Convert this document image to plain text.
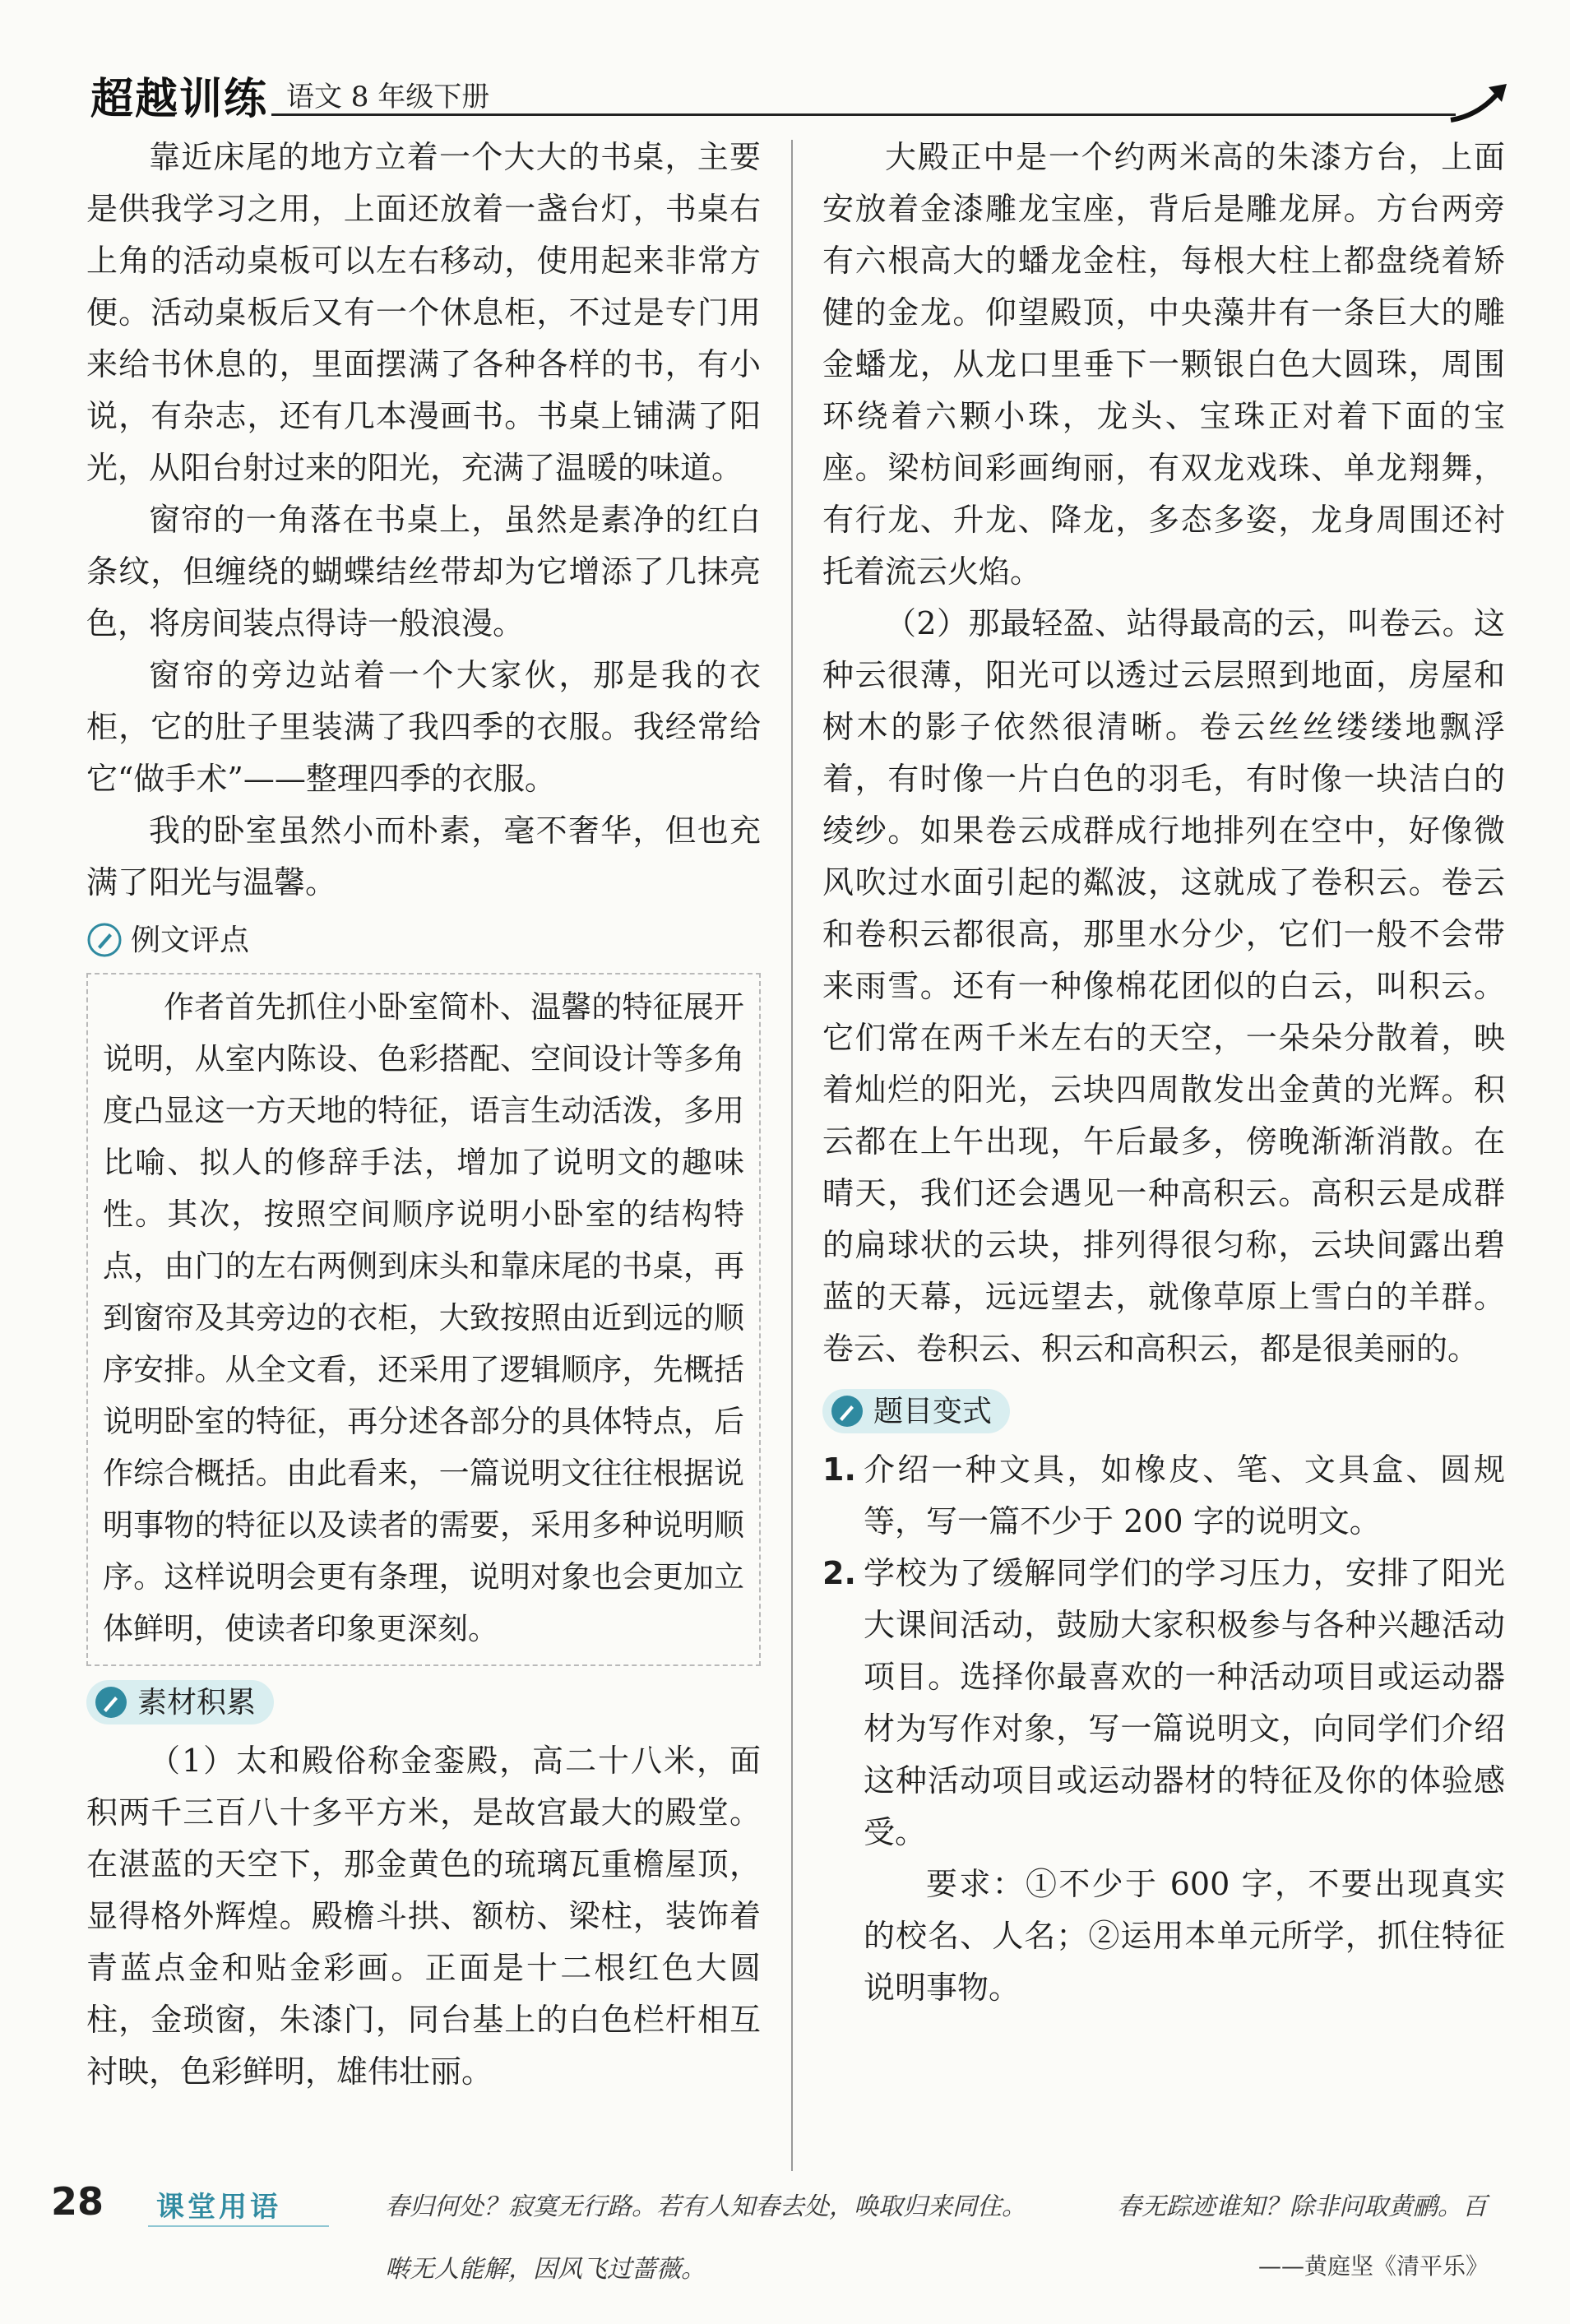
超越训练 语文 8 年级下册

靠近床尾的地方立着一个大大的书桌，主要是供我学习之用，上面还放着一盏台灯，书桌右上角的活动桌板可以左右移动，使用起来非常方便。活动桌板后又有一个休息柜，不过是专门用来给书休息的，里面摆满了各种各样的书，有小说，有杂志，还有几本漫画书。书桌上铺满了阳光，从阳台射过来的阳光，充满了温暖的味道。

窗帘的一角落在书桌上，虽然是素净的红白条纹，但缠绕的蝴蝶结丝带却为它增添了几抹亮色，将房间装点得诗一般浪漫。

窗帘的旁边站着一个大家伙，那是我的衣柜，它的肚子里装满了我四季的衣服。我经常给它“做手术”——整理四季的衣服。

我的卧室虽然小而朴素，毫不奢华，但也充满了阳光与温馨。

例文评点

作者首先抓住小卧室简朴、温馨的特征展开说明，从室内陈设、色彩搭配、空间设计等多角度凸显这一方天地的特征，语言生动活泼，多用比喻、拟人的修辞手法，增加了说明文的趣味性。其次，按照空间顺序说明小卧室的结构特点，由门的左右两侧到床头和靠床尾的书桌，再到窗帘及其旁边的衣柜，大致按照由近到远的顺序安排。从全文看，还采用了逻辑顺序，先概括说明卧室的特征，再分述各部分的具体特点，后作综合概括。由此看来，一篇说明文往往根据说明事物的特征以及读者的需要，采用多种说明顺序。这样说明会更有条理，说明对象也会更加立体鲜明，使读者印象更深刻。

素材积累

（1）太和殿俗称金銮殿，高二十八米，面积两千三百八十多平方米，是故宫最大的殿堂。在湛蓝的天空下，那金黄色的琉璃瓦重檐屋顶，显得格外辉煌。殿檐斗拱、额枋、梁柱，装饰着青蓝点金和贴金彩画。正面是十二根红色大圆柱，金琐窗，朱漆门，同台基上的白色栏杆相互衬映，色彩鲜明，雄伟壮丽。

大殿正中是一个约两米高的朱漆方台，上面安放着金漆雕龙宝座，背后是雕龙屏。方台两旁有六根高大的蟠龙金柱，每根大柱上都盘绕着矫健的金龙。仰望殿顶，中央藻井有一条巨大的雕金蟠龙，从龙口里垂下一颗银白色大圆珠，周围环绕着六颗小珠，龙头、宝珠正对着下面的宝座。梁枋间彩画绚丽，有双龙戏珠、单龙翔舞，有行龙、升龙、降龙，多态多姿，龙身周围还衬托着流云火焰。

（2）那最轻盈、站得最高的云，叫卷云。这种云很薄，阳光可以透过云层照到地面，房屋和树木的影子依然很清晰。卷云丝丝缕缕地飘浮着，有时像一片白色的羽毛，有时像一块洁白的绫纱。如果卷云成群成行地排列在空中，好像微风吹过水面引起的粼波，这就成了卷积云。卷云和卷积云都很高，那里水分少，它们一般不会带来雨雪。还有一种像棉花团似的白云，叫积云。它们常在两千米左右的天空，一朵朵分散着，映着灿烂的阳光，云块四周散发出金黄的光辉。积云都在上午出现，午后最多，傍晚渐渐消散。在晴天，我们还会遇见一种高积云。高积云是成群的扁球状的云块，排列得很匀称，云块间露出碧蓝的天幕，远远望去，就像草原上雪白的羊群。卷云、卷积云、积云和高积云，都是很美丽的。

题目变式
1. 介绍一种文具，如橡皮、笔、文具盒、圆规等，写一篇不少于 200 字的说明文。
2. 学校为了缓解同学们的学习压力，安排了阳光大课间活动，鼓励大家积极参与各种兴趣活动项目。选择你最喜欢的一种活动项目或运动器材为写作对象，写一篇说明文，向同学们介绍这种活动项目或运动器材的特征及你的体验感受。

要求：①不少于 600 字，不要出现真实的校名、人名；②运用本单元所学，抓住特征说明事物。

28 课堂用语	春归何处？寂寞无行路。若有人知春去处，唤取归来同住。	春无踪迹谁知？除非问取黄鹂。百
啭无人能解，因风飞过蔷薇。	——黄庭坚《清平乐》
